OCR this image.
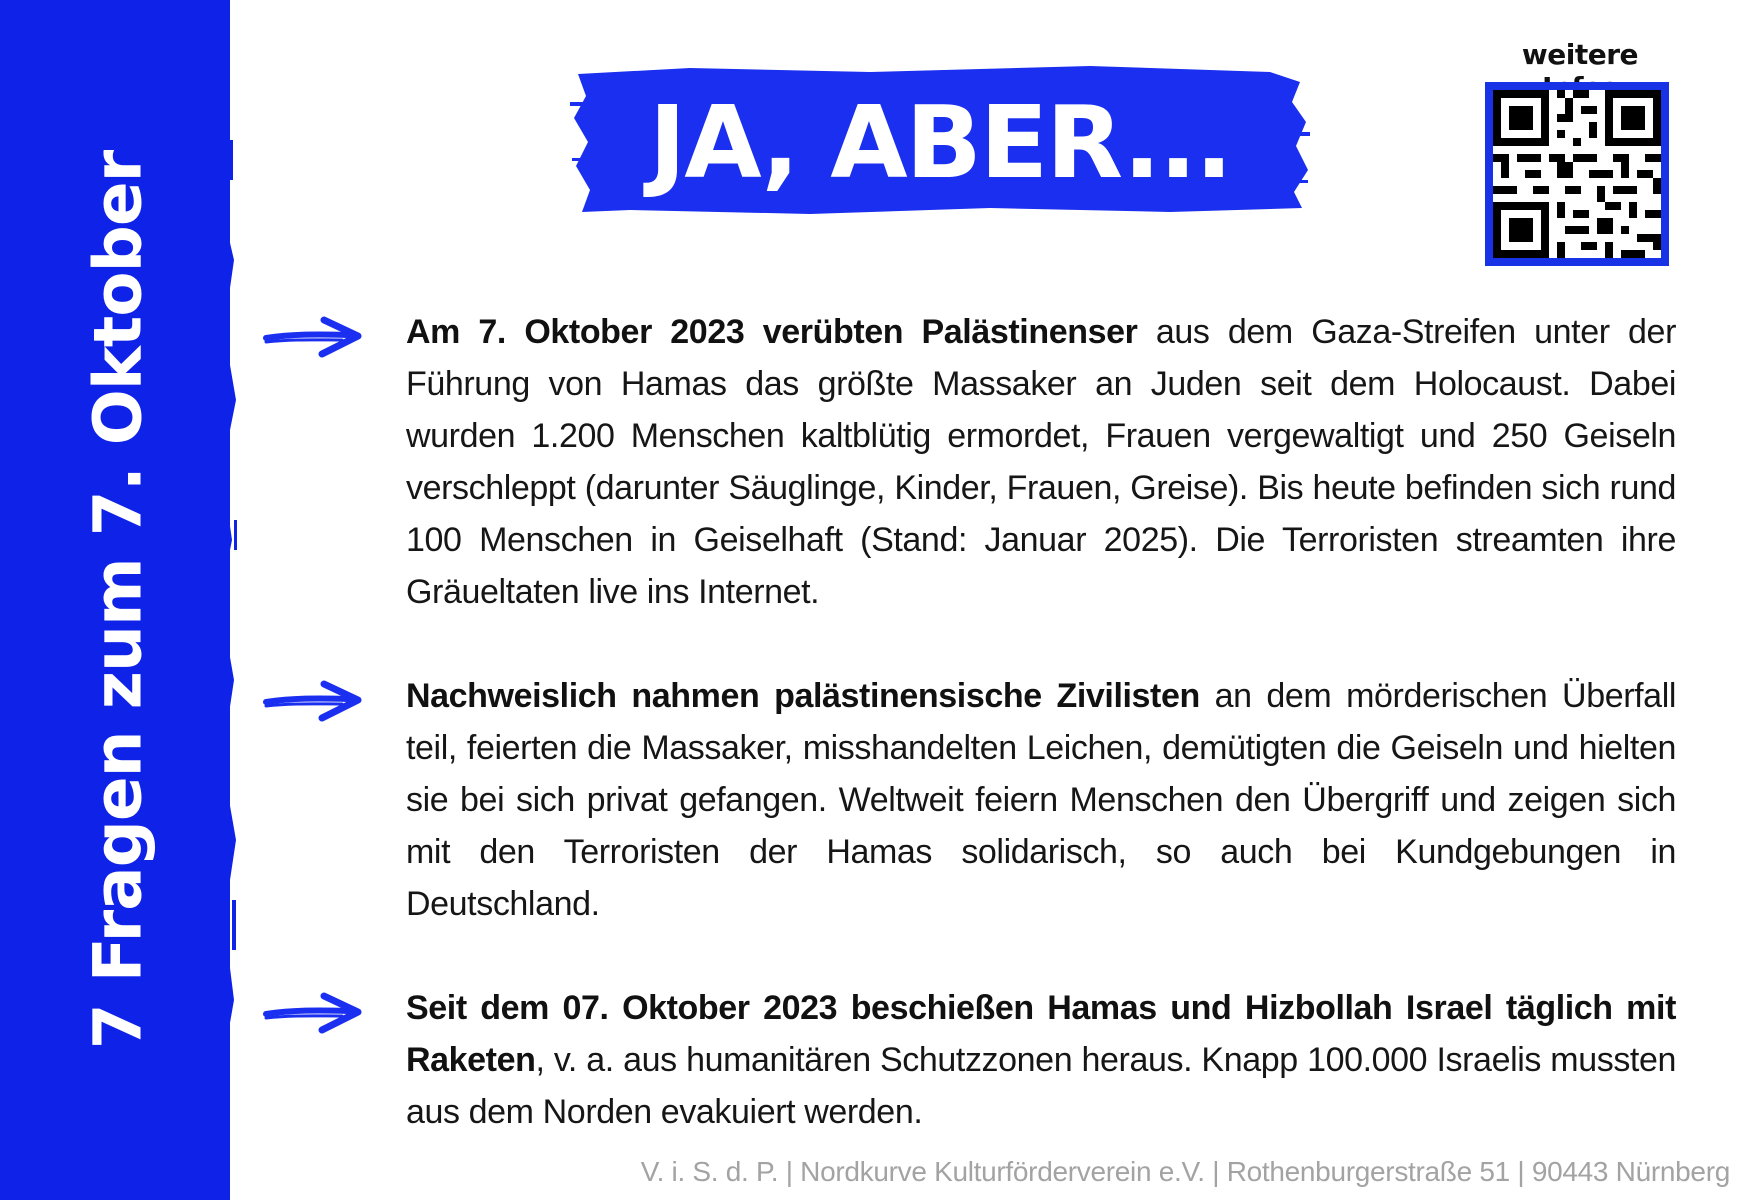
7 Fragen zum 7. Oktober
JA, ABER...
weitere
Am 7. Oktober 2023 verübten Palästinenser aus dem Gaza-Streifen unter der Führung von Hamas das größte Massaker an Juden seit dem Holocaust. Dabei wurden 1.200 Menschen kaltblütig ermordet, Frauen vergewaltigt und 250 Geiseln verschleppt (darunter Säuglinge, Kinder, Frauen, Greise). Bis heute befinden sich rund 100 Menschen in Geiselhaft (Stand: Januar 2025). Die Terroristen streamten ihre Gräueltaten live ins Internet.
Nachweislich nahmen palästinensische Zivilisten an dem mörderischen Überfall teil, feierten die Massaker, misshandelten Leichen, demütigten die Geiseln und hielten sie bei sich privat gefangen. Weltweit feiern Menschen den Übergriff und zeigen sich mit den Terroristen der Hamas solidarisch, so auch bei Kundgebungen in Deutschland.
Seit dem 07. Oktober 2023 beschießen Hamas und Hizbollah Israel täglich mit Raketen, v. a. aus humanitären Schutzzonen heraus. Knapp 100.000 Israelis mussten aus dem Norden evakuiert werden.
V. i. S. d. P. | Nordkurve Kulturförderverein e.V. | Rothenburgerstraße 51 | 90443 Nürnberg
